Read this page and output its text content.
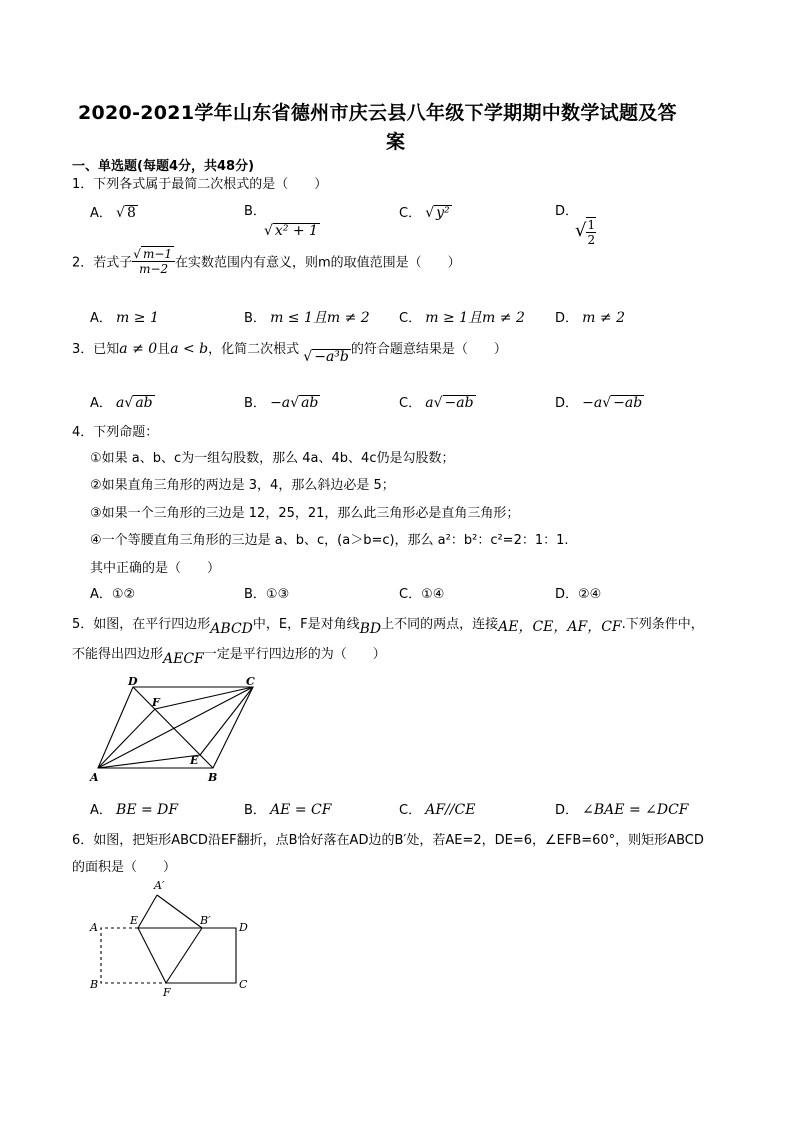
2020-2021学年山东省德州市庆云县八年级下学期期中数学试题及答
案
一、单选题(每题4分，共48分)
1．下列各式属于最简二次根式的是（　　）
A． √ 8	B．
√ x² + 1
C． √ y²	D．
√ $\frac{1}{2}$
2．若式子 $\frac{√ m-1}{m-2}$ 在实数范围内有意义，则m的取值范围是（　　）
A． m ≥ 1	B． m ≤ 1且m ≠ 2 C． m ≥ 1且m ≠ 2 D． m ≠ 2
3．已知a ≠ 0且a < b，化简二次根式 √ −a³b 的符合题意结果是（　　）
A． a√ ab	B． −a√ ab	C． a√ −ab	D． −a√ −ab
4．下列命题：
①如果 a、b、c为一组勾股数，那么 4a、4b、4c仍是勾股数；
②如果直角三角形的两边是 3，4，那么斜边必是 5；
③如果一个三角形的三边是 12，25，21，那么此三角形必是直角三角形；
④一个等腰直角三角形的三边是 a、b、c，(a＞b=c)，那么 a²：b²：c²=2：1：1.
其中正确的是（　　）
A．①②	B．①③	C．①④	D．②④
5．如图，在平行四边形ABCD中，E，F是对角线BD上不同的两点，连接AE，CE，AF，CF.下列条件中，
不能得出四边形AECF一定是平行四边形的为（　　）
A	B
C
D
E
F
A． BE = DF	B． AE = CF	C． AF//CE	D． ∠BAE = ∠DCF
6．如图，把矩形ABCD沿EF翻折，点B恰好落在AD边的B′处，若AE=2，DE=6，∠EFB=60°，则矩形ABCD
的面积是（　　）
A′
A
E	B′
D
B
F
C
